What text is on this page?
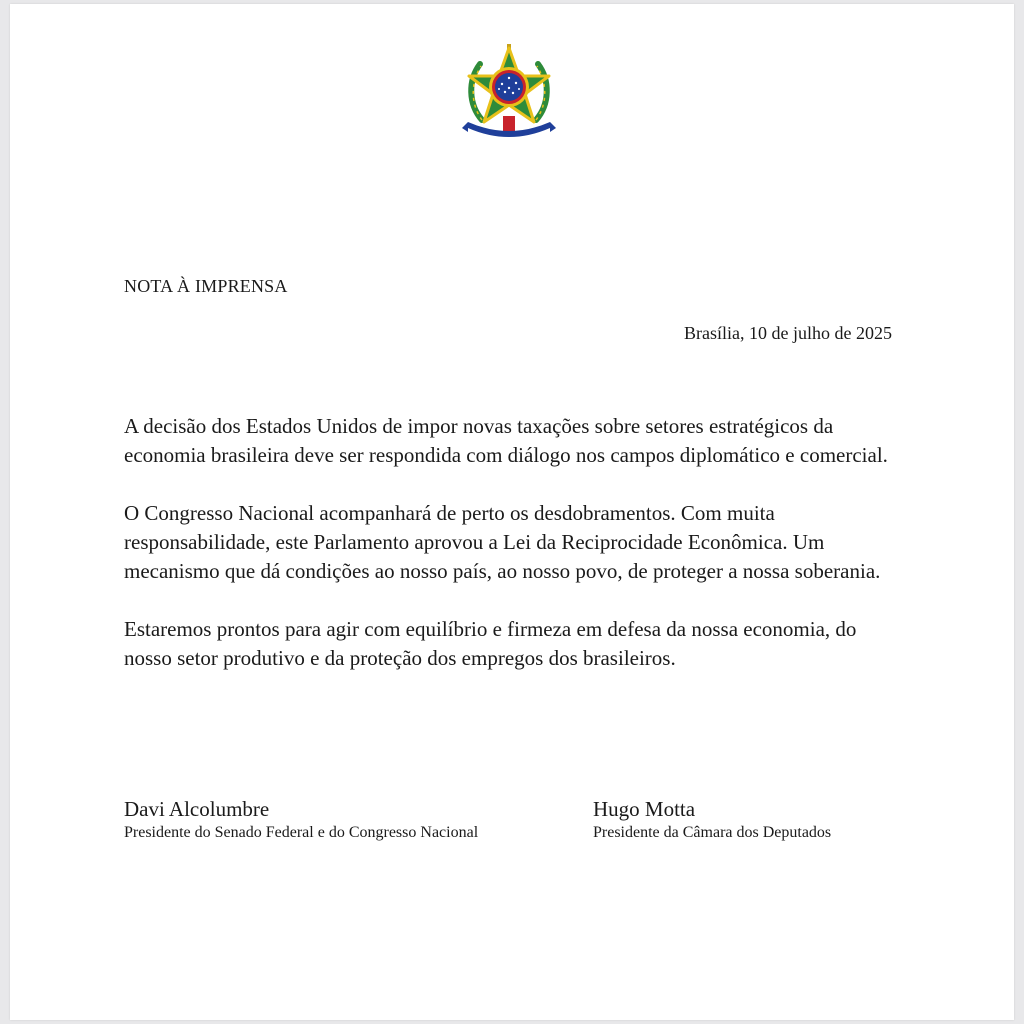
NOTA À IMPRENSA

Brasília, 10 de julho de 2025

A decisão dos Estados Unidos de impor novas taxações sobre setores estratégicos da economia brasileira deve ser respondida com diálogo nos campos diplomático e comercial.

O Congresso Nacional acompanhará de perto os desdobramentos. Com muita responsabilidade, este Parlamento aprovou a Lei da Reciprocidade Econômica. Um mecanismo que dá condições ao nosso país, ao nosso povo, de proteger a nossa soberania.

Estaremos prontos para agir com equilíbrio e firmeza em defesa da nossa economia, do nosso setor produtivo e da proteção dos empregos dos brasileiros.

Davi Alcolumbre

Presidente do Senado Federal e do Congresso Nacional

Hugo Motta

Presidente da Câmara dos Deputados
